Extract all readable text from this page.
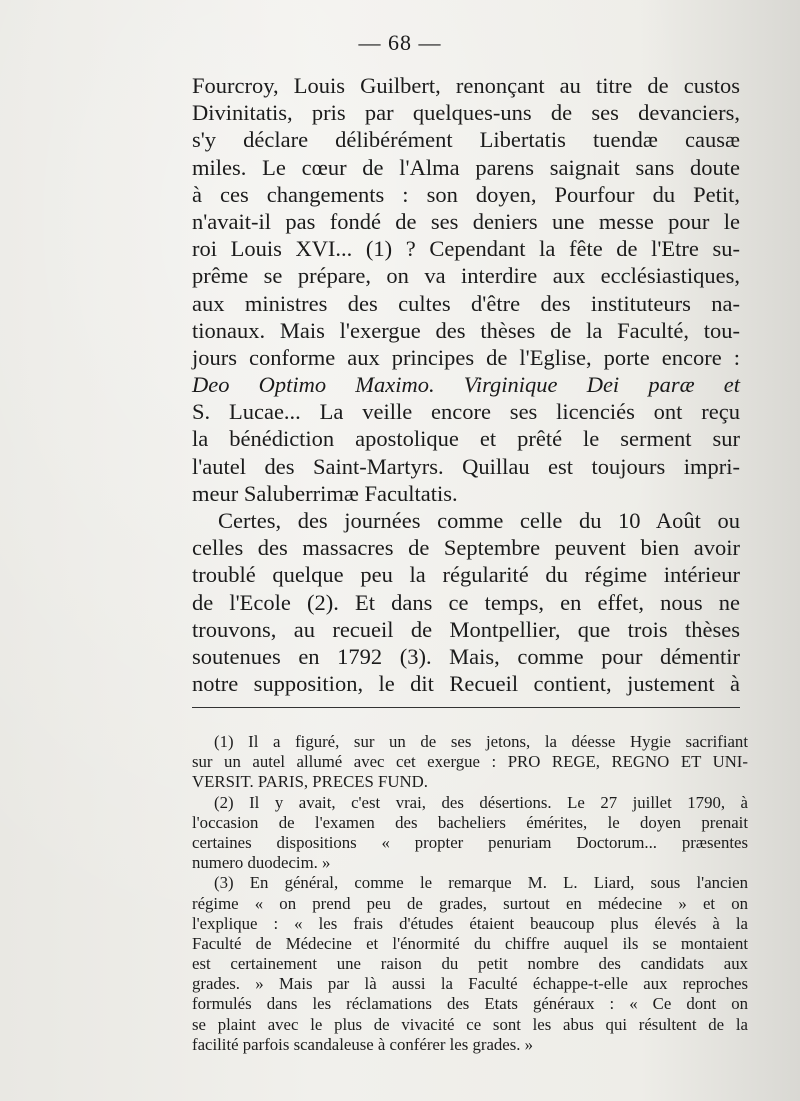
— 68 —
Fourcroy, Louis Guilbert, renonçant au titre de custos
Divinitatis, pris par quelques-uns de ses devanciers,
s'y déclare délibérément Libertatis tuendæ causæ
miles. Le cœur de l'Alma parens saignait sans doute
à ces changements : son doyen, Pourfour du Petit,
n'avait-il pas fondé de ses deniers une messe pour le
roi Louis XVI... (1) ? Cependant la fête de l'Etre su-
prême se prépare, on va interdire aux ecclésiastiques,
aux ministres des cultes d'être des instituteurs na-
tionaux. Mais l'exergue des thèses de la Faculté, tou-
jours conforme aux principes de l'Eglise, porte encore :
Deo Optimo Maximo. Virginique Dei paræ et
S. Lucae... La veille encore ses licenciés ont reçu
la bénédiction apostolique et prêté le serment sur
l'autel des Saint-Martyrs. Quillau est toujours impri-
meur Saluberrimæ Facultatis.
Certes, des journées comme celle du 10 Août ou
celles des massacres de Septembre peuvent bien avoir
troublé quelque peu la régularité du régime intérieur
de l'Ecole (2). Et dans ce temps, en effet, nous ne
trouvons, au recueil de Montpellier, que trois thèses
soutenues en 1792 (3). Mais, comme pour démentir
notre supposition, le dit Recueil contient, justement à
(1) Il a figuré, sur un de ses jetons, la déesse Hygie sacrifiant
sur un autel allumé avec cet exergue : PRO REGE, REGNO ET UNI-
VERSIT. PARIS, PRECES FUND.
(2) Il y avait, c'est vrai, des désertions. Le 27 juillet 1790, à
l'occasion de l'examen des bacheliers émérites, le doyen prenait
certaines dispositions « propter penuriam Doctorum... præsentes
numero duodecim. »
(3) En général, comme le remarque M. L. Liard, sous l'ancien
régime « on prend peu de grades, surtout en médecine » et on
l'explique : « les frais d'études étaient beaucoup plus élevés à la
Faculté de Médecine et l'énormité du chiffre auquel ils se montaient
est certainement une raison du petit nombre des candidats aux
grades. » Mais par là aussi la Faculté échappe-t-elle aux reproches
formulés dans les réclamations des Etats généraux : « Ce dont on
se plaint avec le plus de vivacité ce sont les abus qui résultent de la
facilité parfois scandaleuse à conférer les grades. »
